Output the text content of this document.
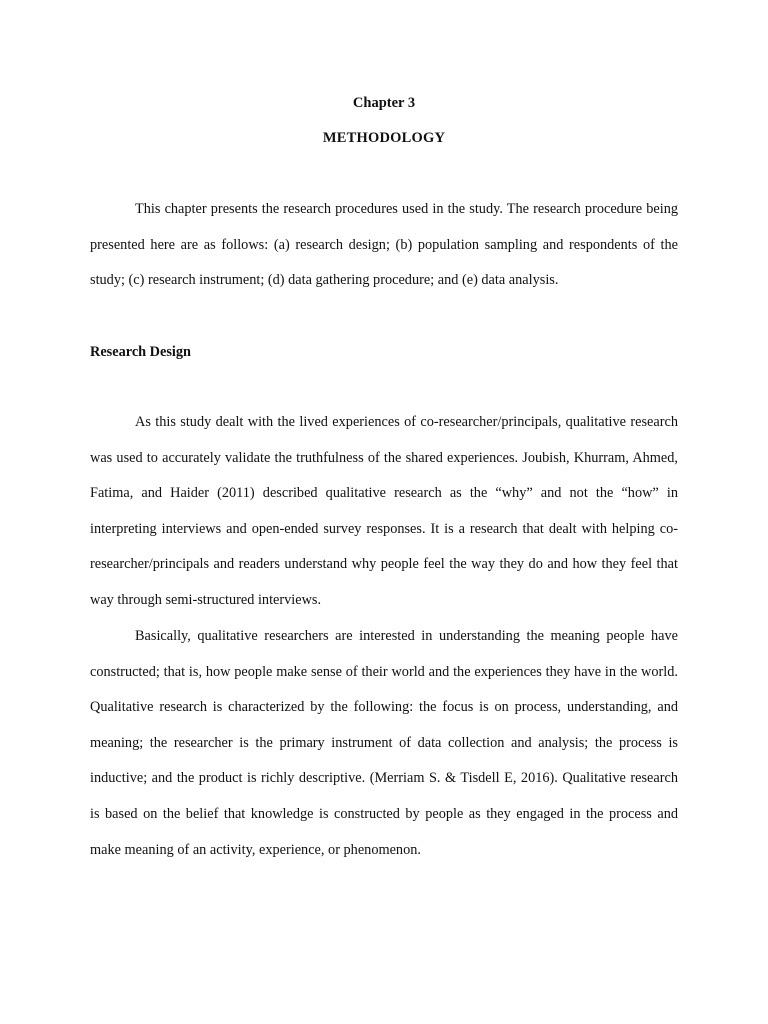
Chapter 3
METHODOLOGY

This chapter presents the research procedures used in the study. The research procedure being presented here are as follows: (a) research design; (b) population sampling and respondents of the study; (c) research instrument; (d) data gathering procedure; and (e) data analysis.

Research Design

As this study dealt with the lived experiences of co-researcher/principals, qualitative research was used to accurately validate the truthfulness of the shared experiences. Joubish, Khurram, Ahmed, Fatima, and Haider (2011) described qualitative research as the “why” and not the “how” in interpreting interviews and open-ended survey responses. It is a research that dealt with helping co-researcher/principals and readers understand why people feel the way they do and how they feel that way through semi-structured interviews.

Basically, qualitative researchers are interested in understanding the meaning people have constructed; that is, how people make sense of their world and the experiences they have in the world. Qualitative research is characterized by the following: the focus is on process, understanding, and meaning; the researcher is the primary instrument of data collection and analysis; the process is inductive; and the product is richly descriptive. (Merriam S. & Tisdell E, 2016). Qualitative research is based on the belief that knowledge is constructed by people as they engaged in the process and make meaning of an activity, experience, or phenomenon.
